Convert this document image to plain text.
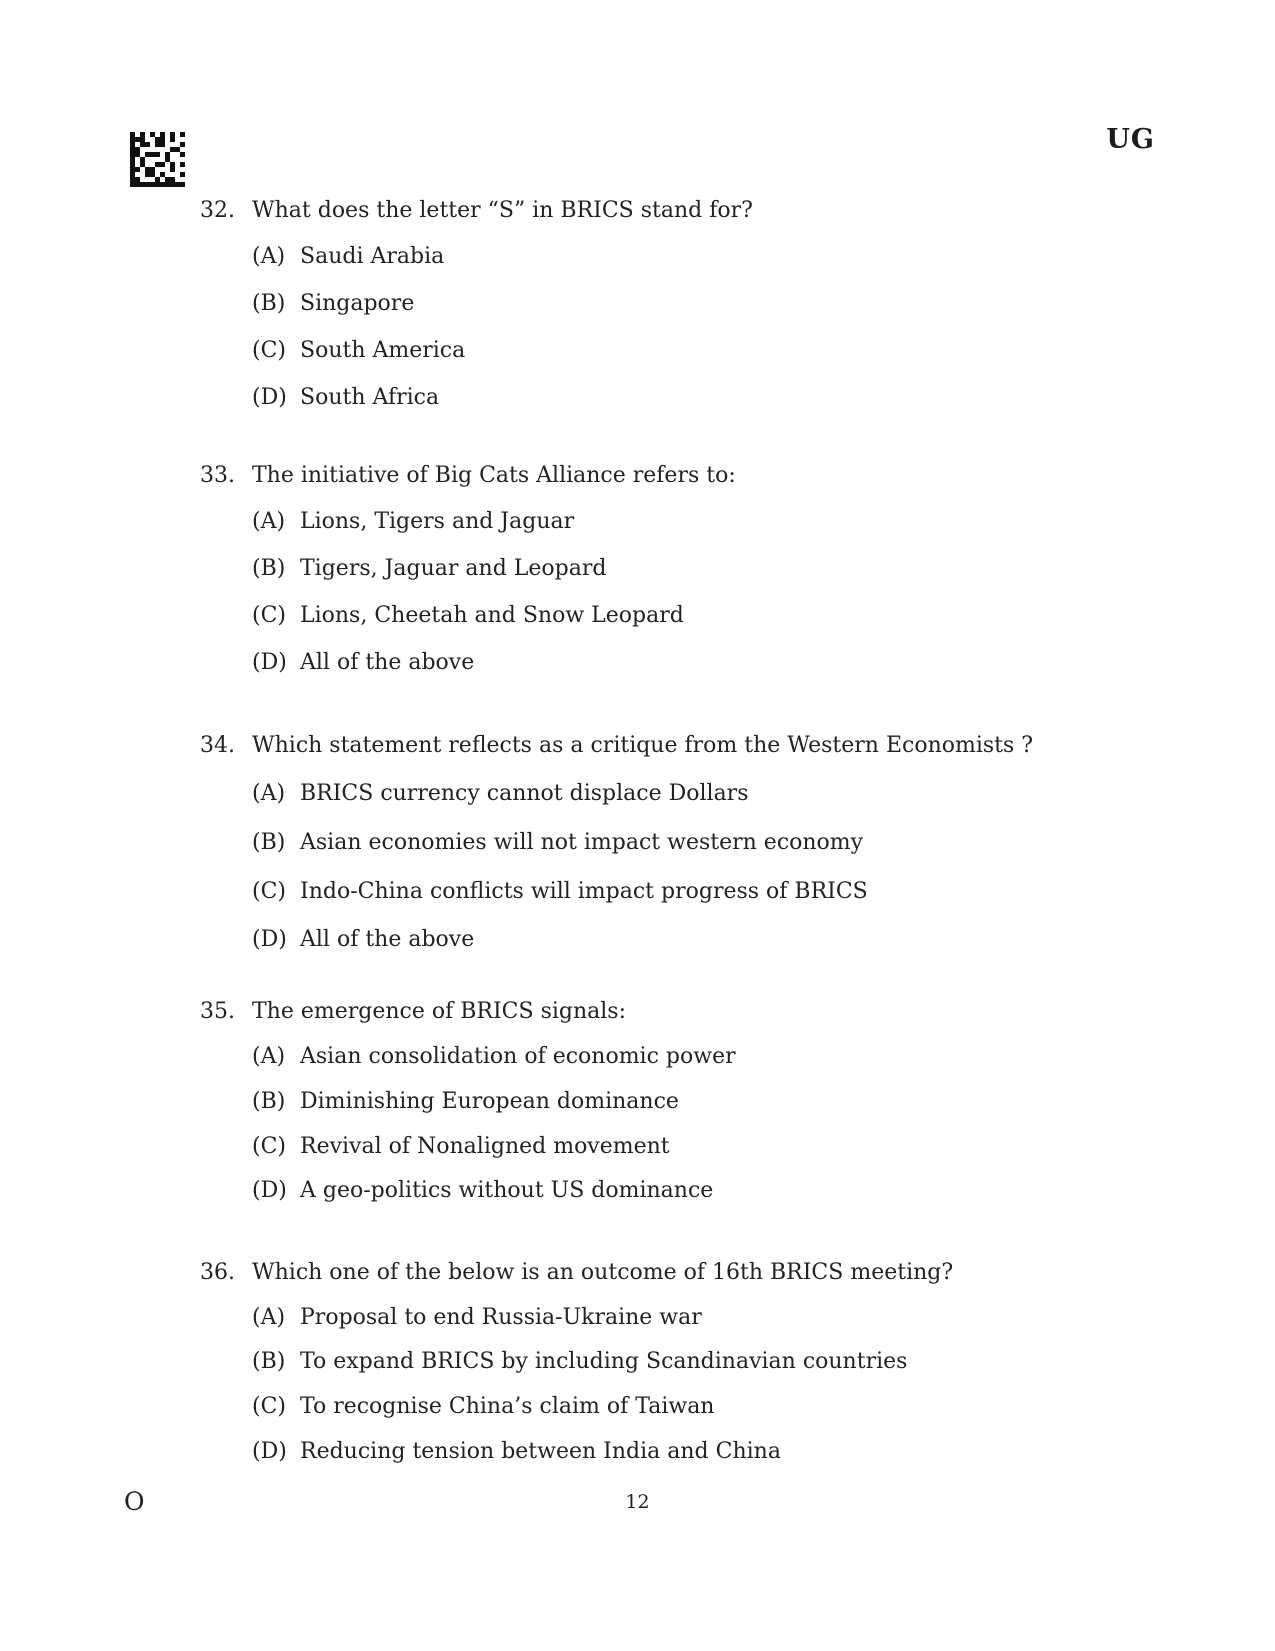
UG
32. What does the letter “S” in BRICS stand for?
(A) Saudi Arabia
(B) Singapore
(C) South America
(D) South Africa
33. The initiative of Big Cats Alliance refers to:
(A) Lions, Tigers and Jaguar
(B) Tigers, Jaguar and Leopard
(C) Lions, Cheetah and Snow Leopard
(D) All of the above
34. Which statement reflects as a critique from the Western Economists ?
(A) BRICS currency cannot displace Dollars
(B) Asian economies will not impact western economy
(C) Indo-China conflicts will impact progress of BRICS
(D) All of the above
35. The emergence of BRICS signals:
(A) Asian consolidation of economic power
(B) Diminishing European dominance
(C) Revival of Nonaligned movement
(D) A geo-politics without US dominance
36. Which one of the below is an outcome of 16th BRICS meeting?
(A) Proposal to end Russia-Ukraine war
(B) To expand BRICS by including Scandinavian countries
(C) To recognise China’s claim of Taiwan
(D) Reducing tension between India and China
O	12
